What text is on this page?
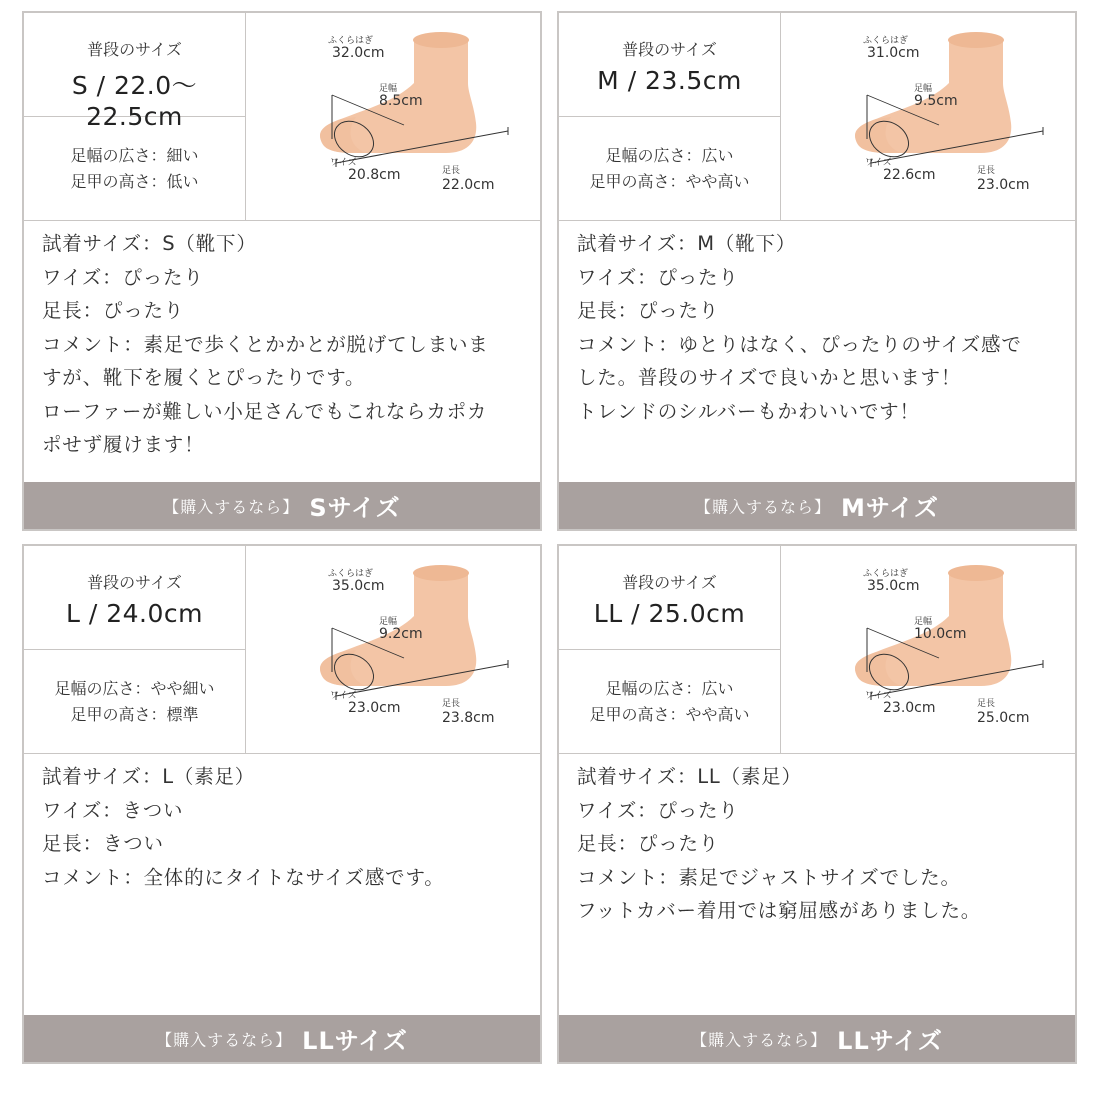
普段のサイズ
S / 22.0〜22.5cm
足幅の広さ：細い
足甲の高さ：低い
ふくらはぎ
32.0cm
足幅
8.5cm
ワイズ
20.8cm	足長
22.0cm
試着サイズ：S（靴下）
ワイズ：ぴったり
足長：ぴったり
コメント：素足で歩くとかかとが脱げてしまいま
すが、靴下を履くとぴったりです。
ローファーが難しい小足さんでもこれならカポカ
ポせず履けます！
【購入するなら】 Sサイズ
普段のサイズ
M / 23.5cm
足幅の広さ：広い
足甲の高さ：やや高い
ふくらはぎ
31.0cm
足幅
9.5cm
ワイズ
22.6cm	足長
23.0cm
試着サイズ：M（靴下）
ワイズ：ぴったり
足長：ぴったり
コメント：ゆとりはなく、ぴったりのサイズ感で
した。普段のサイズで良いかと思います！
トレンドのシルバーもかわいいです！
【購入するなら】 Mサイズ
普段のサイズ
L / 24.0cm
足幅の広さ：やや細い
足甲の高さ：標準
ふくらはぎ
35.0cm
足幅
9.2cm
ワイズ
23.0cm	足長
23.8cm
試着サイズ：L（素足）
ワイズ：きつい
足長：きつい
コメント：全体的にタイトなサイズ感です。
【購入するなら】 LLサイズ
普段のサイズ
LL / 25.0cm
足幅の広さ：広い
足甲の高さ：やや高い
ふくらはぎ
35.0cm
足幅
10.0cm
ワイズ
23.0cm	足長
25.0cm
試着サイズ：LL（素足）
ワイズ：ぴったり
足長：ぴったり
コメント：素足でジャストサイズでした。
フットカバー着用では窮屈感がありました。
【購入するなら】 LLサイズ
